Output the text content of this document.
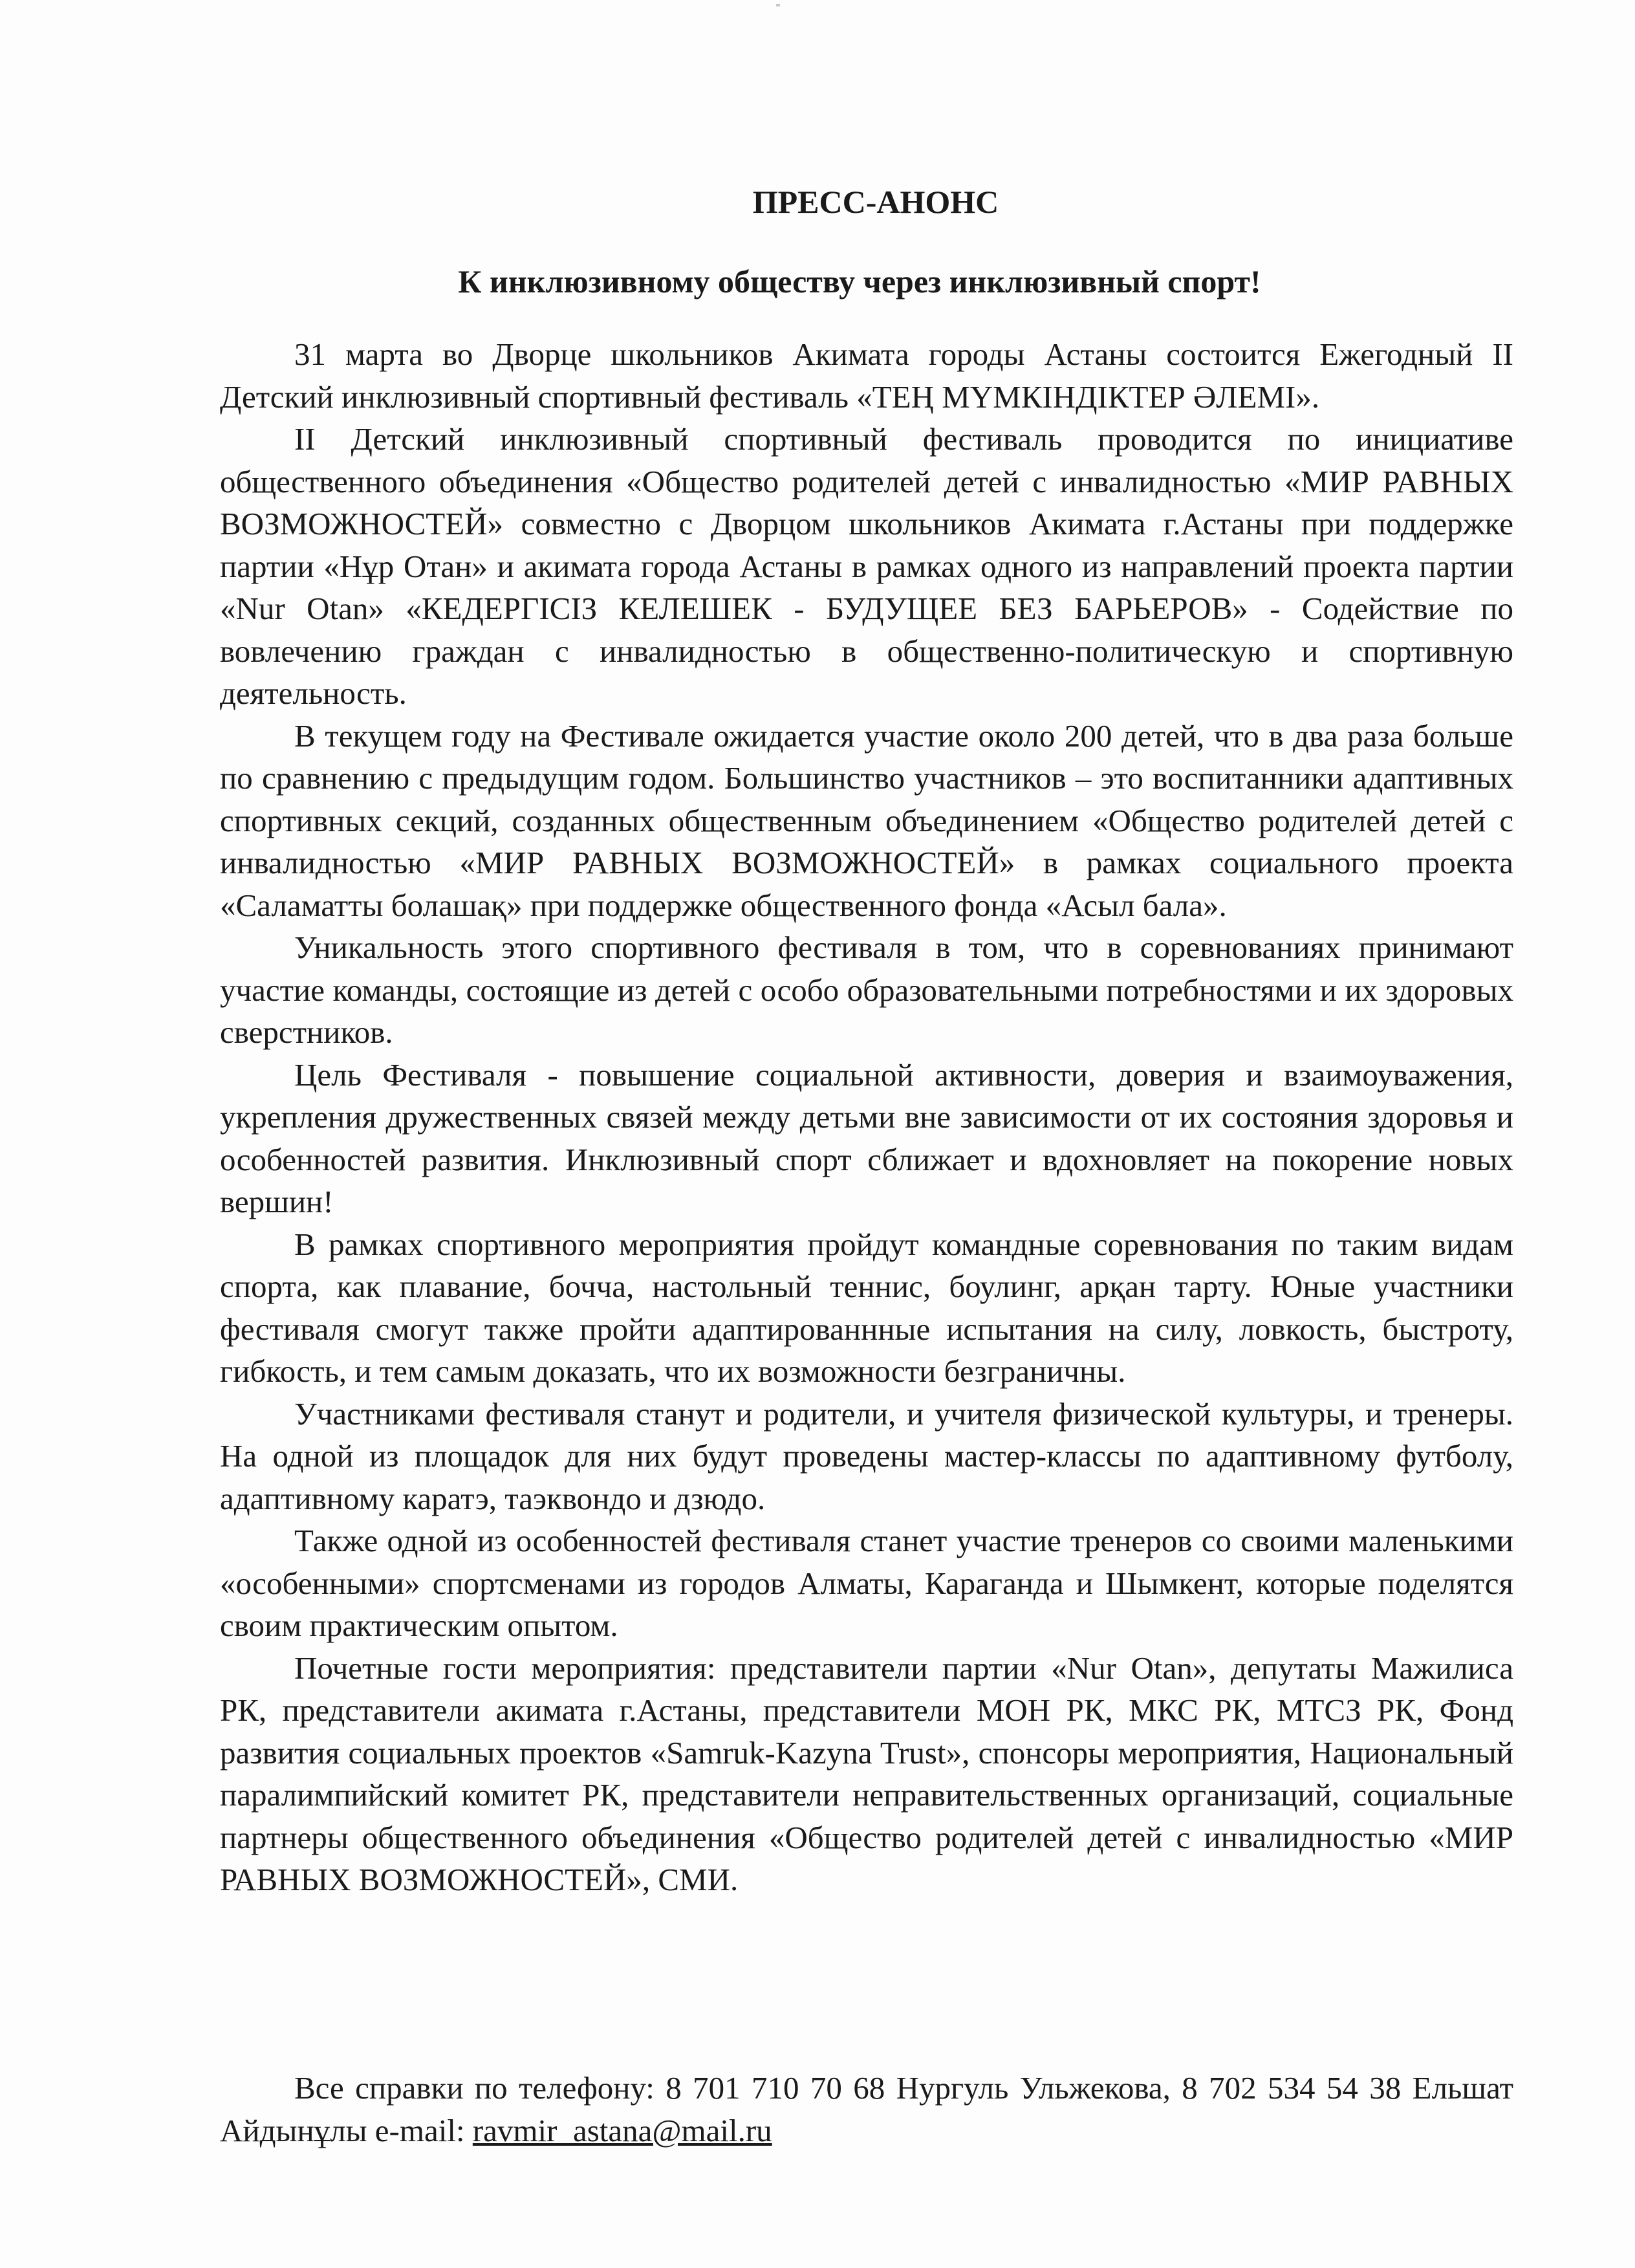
ПРЕСС-АНОНС
К инклюзивному обществу через инклюзивный спорт!

31 марта во Дворце школьников Акимата городы Астаны состоится Ежегодный II Детский инклюзивный спортивный фестиваль «ТЕҢ МҮМКІНДІКТЕР ӘЛЕМІ».

II Детский инклюзивный спортивный фестиваль проводится по инициативе общественного объединения «Общество родителей детей с инвалидностью «МИР РАВНЫХ ВОЗМОЖНОСТЕЙ» совместно с Дворцом школьников Акимата г.Астаны при поддержке партии «Нұр Отан» и акимата города Астаны в рамках одного из направлений проекта партии «Nur Otan» «КЕДЕРГІСІЗ КЕЛЕШЕК - БУДУЩЕЕ БЕЗ БАРЬЕРОВ» - Содействие по вовлечению граждан с инвалидностью в общественно-политическую и спортивную деятельность.

В текущем году на Фестивале ожидается участие около 200 детей, что в два раза больше по сравнению с предыдущим годом. Большинство участников – это воспитанники адаптивных спортивных секций, созданных общественным объединением «Общество родителей детей с инвалидностью «МИР РАВНЫХ ВОЗМОЖНОСТЕЙ» в рамках социального проекта «Саламатты болашақ» при поддержке общественного фонда «Асыл бала».

Уникальность этого спортивного фестиваля в том, что в соревнованиях принимают участие команды, состоящие из детей с особо образовательными потребностями и их здоровых сверстников.

Цель Фестиваля - повышение социальной активности, доверия и взаимоуважения, укрепления дружественных связей между детьми вне зависимости от их состояния здоровья и особенностей развития. Инклюзивный спорт сближает и вдохновляет на покорение новых вершин!

В рамках спортивного мероприятия пройдут командные соревнования по таким видам спорта, как плавание, бочча, настольный теннис, боулинг, арқан тарту. Юные участники фестиваля смогут также пройти адаптированнные испытания на силу, ловкость, быстроту, гибкость, и тем самым доказать, что их возможности безграничны.

Участниками фестиваля станут и родители, и учителя физической культуры, и тренеры. На одной из площадок для них будут проведены мастер-классы по адаптивному футболу, адаптивному каратэ, таэквондо и дзюдо.

Также одной из особенностей фестиваля станет участие тренеров со своими маленькими «особенными» спортсменами из городов Алматы, Караганда и Шымкент, которые поделятся своим практическим опытом.

Почетные гости мероприятия: представители партии «Nur Otan», депутаты Мажилиса РК, представители акимата г.Астаны, представители МОН РК, МКС РК, МТСЗ РК, Фонд развития социальных проектов «Samruk-Kazyna Trust», спонсоры мероприятия, Национальный паралимпийский комитет РК, представители неправительственных организаций, социальные партнеры общественного объединения «Общество родителей детей с инвалидностью «МИР РАВНЫХ ВОЗМОЖНОСТЕЙ», СМИ.

Все справки по телефону: 8 701 710 70 68 Нургуль Ульжекова, 8 702 534 54 38 Ельшат Айдынұлы e-mail: ravmir_astana@mail.ru
